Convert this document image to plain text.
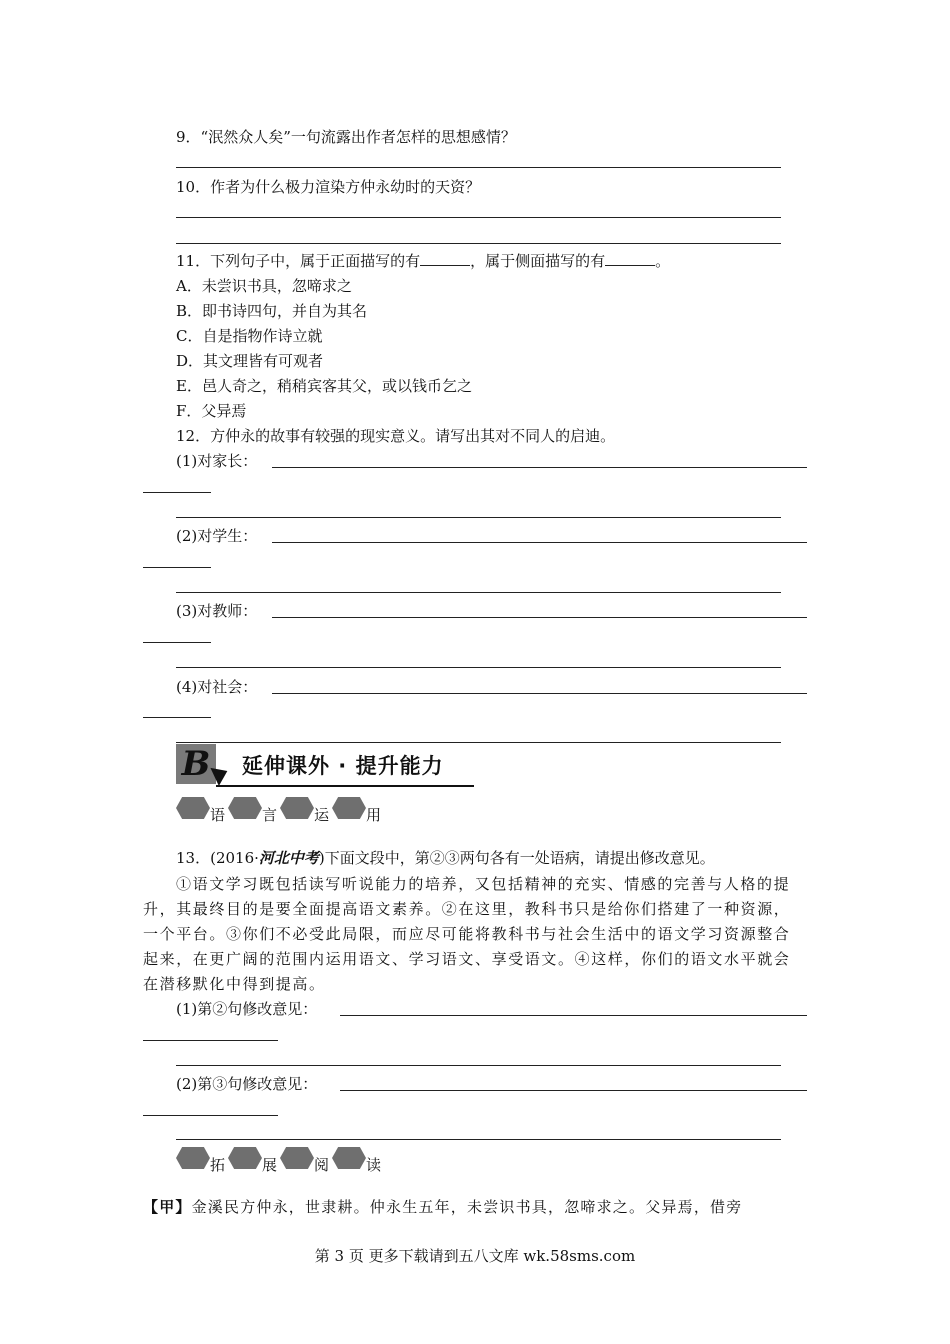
9．“泯然众人矣”一句流露出作者怎样的思想感情？
10．作者为什么极力渲染方仲永幼时的天资？
11．下列句子中，属于正面描写的有	，属于侧面描写的有	。
A．未尝识书具，忽啼求之
B．即书诗四句，并自为其名
C．自是指物作诗立就
D．其文理皆有可观者
E．邑人奇之，稍稍宾客其父，或以钱币乞之
F．父异焉
12．方仲永的故事有较强的现实意义。请写出其对不同人的启迪。
(1)对家长：
(2)对学生：
(3)对教师：
(4)对社会：
B 延伸课外 · 提升能力
语 言 运 用
13．(2016·河北中考)下面文段中，第②③两句各有一处语病，请提出修改意见。
①语文学习既包括读写听说能力的培养，又包括精神的充实、情感的完善与人格的提
升，其最终目的是要全面提高语文素养。②在这里，教科书只是给你们搭建了一种资源，
一个平台。③你们不必受此局限，而应尽可能将教科书与社会生活中的语文学习资源整合
起来，在更广阔的范围内运用语文、学习语文、享受语文。④这样，你们的语文水平就会
在潜移默化中得到提高。
(1)第②句修改意见：
(2)第③句修改意见：
拓 展 阅 读
【甲】金溪民方仲永，世隶耕。仲永生五年，未尝识书具，忽啼求之。父异焉，借旁
第 3 页 更多下载请到五八文库 wk.58sms.com
